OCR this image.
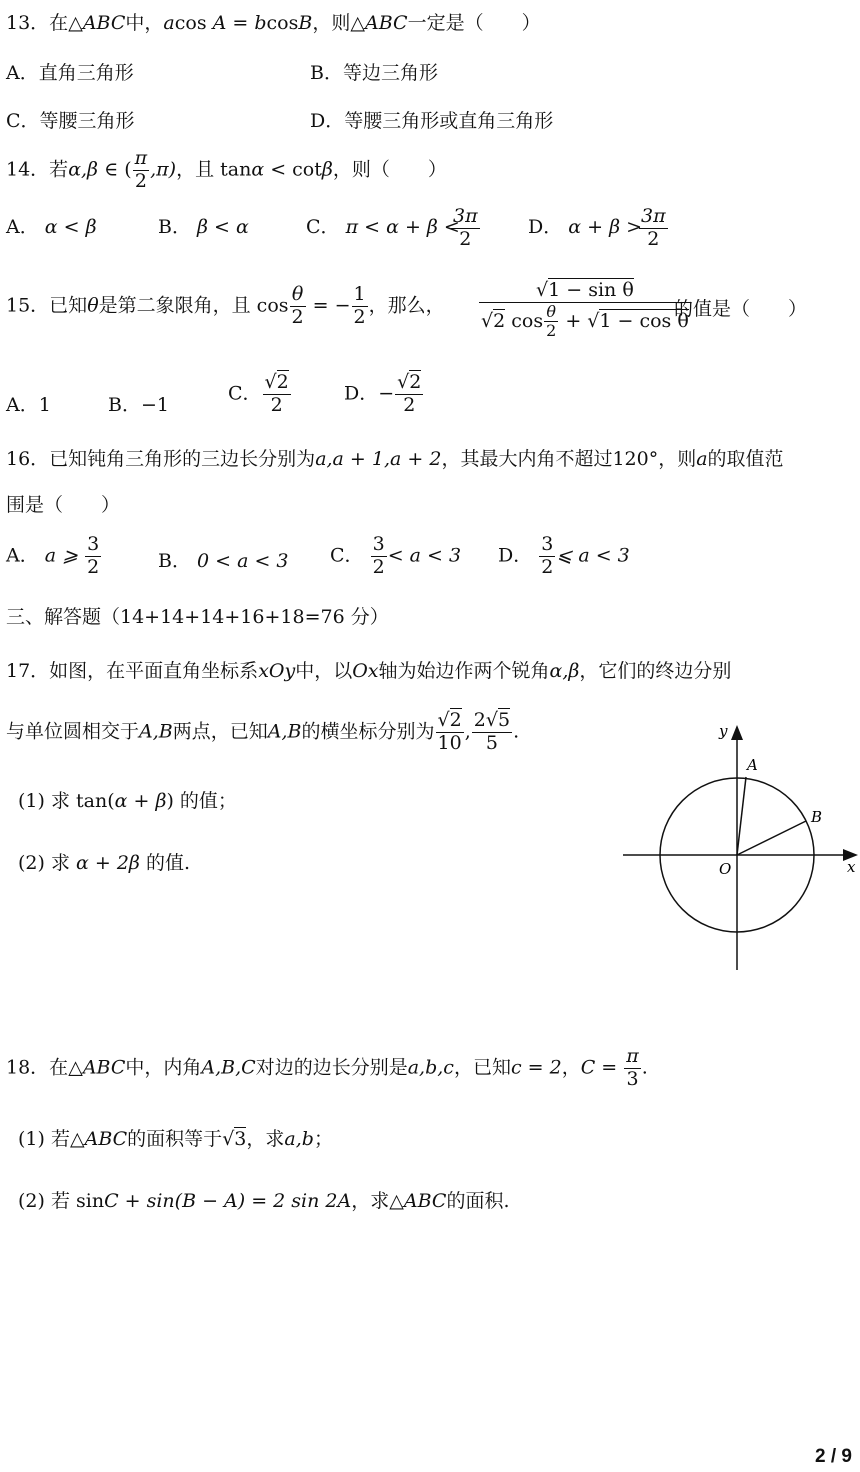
13．在△ABC中，acos A = bcosB，则△ABC一定是（　　）
A．直角三角形	B．等边三角形
C．等腰三角形	D．等腰三角形或直角三角形
14．若α,β ∈ ( $\frac{\pi}{2} ,\pi$)，且 tanα < cotβ，则（　　）
A． α < β	B． β < α	C． π < α + β <
$\frac{3\pi}{2}$	D． α + β >
$\frac{3\pi}{2}$
15．已知θ是第二象限角，且 $\cos \frac{\theta}{2}$ = − $\frac{1}{2}$ ，那么， $\frac{\text{√1 − sin θ}}{√2 \cos \frac{\theta}{2} + √1 - \cos \theta}$
的值是（　　）
A．1	B．−1
C． $\frac{√2}{2}$	D．− $\frac{√2}{2}$
16．已知钝角三角形的三边长分别为a,a + 1,a + 2，其最大内角不超过120°，则a的取值范
围是（　　）
A． a ⩾ $\frac{3}{2}$	B． 0 < a < 3 C． $\frac{3}{2} < a < 3$ D． $\frac{3}{2}$ ⩽ a < 3
三、解答题（14+14+14+16+18=76 分）
17．如图，在平面直角坐标系xOy中，以Ox轴为始边作两个锐角α,β，它们的终边分别
与单位圆相交于A,B两点，已知A,B的横坐标分别为 $\frac{√2}{10}$ , $\frac{2√5}{5}$ .
(1) 求 tan(α + β) 的值；
(2) 求 α + 2β 的值.
y
x
O
A
B
18．在△ABC中，内角A,B,C对边的边长分别是a,b,c，已知c = 2，$C = \frac{\pi}{3}$ .
(1) 若△ABC的面积等于√3，求a,b；
(2) 若 sinC + sin(B − A) = 2 sin 2A，求△ABC的面积.
2 / 9
